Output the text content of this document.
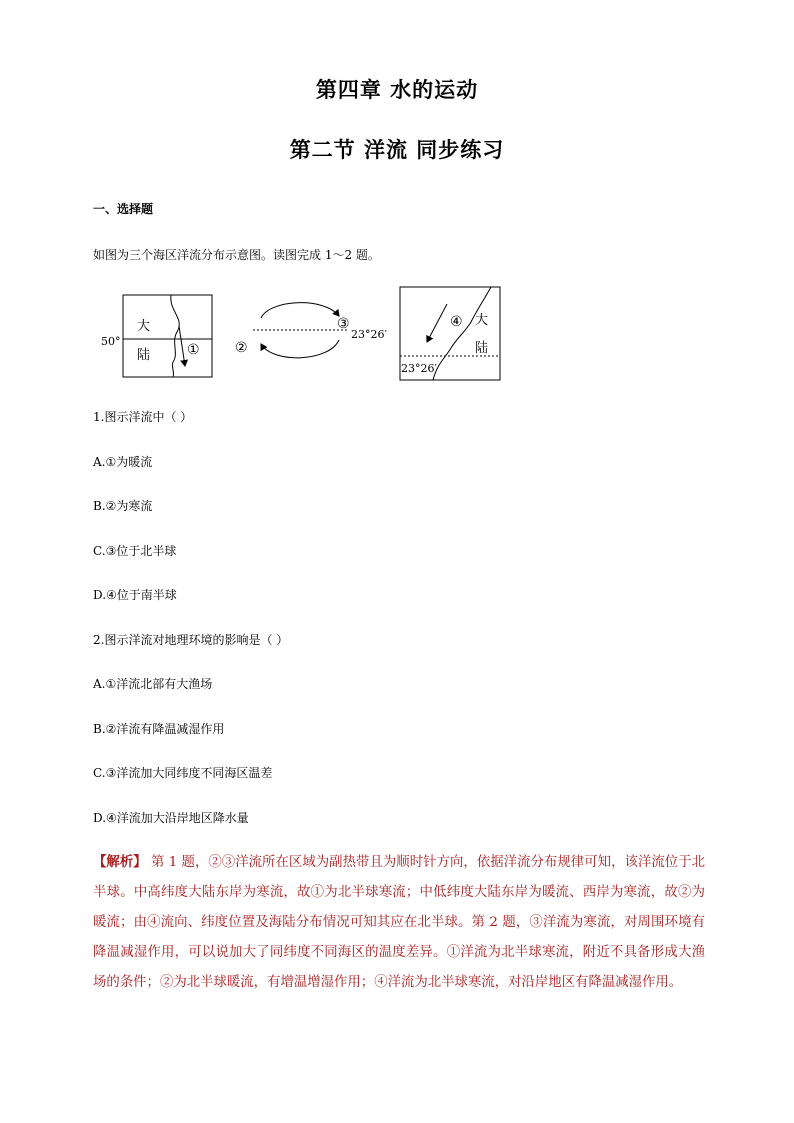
第四章 水的运动
第二节 洋流 同步练习
一、选择题
如图为三个海区洋流分布示意图。读图完成 1～2 题。
50°
大
陆	①	②
③
23°26′
④ 大
陆
23°26′
1.图示洋流中（ ）
A.①为暖流
B.②为寒流
C.③位于北半球
D.④位于南半球
2.图示洋流对地理环境的影响是（ ）
A.①洋流北部有大渔场
B.②洋流有降温减湿作用
C.③洋流加大同纬度不同海区温差
D.④洋流加大沿岸地区降水量
【解析】 第 1 题，②③洋流所在区域为副热带且为顺时针方向，依据洋流分布规律可知，该洋流位于北半球。中高纬度大陆东岸为寒流，故①为北半球寒流；中低纬度大陆东岸为暖流、西岸为寒流，故②为暖流；由④流向、纬度位置及海陆分布情况可知其应在北半球。第 2 题，③洋流为寒流，对周围环境有降温减湿作用，可以说加大了同纬度不同海区的温度差异。①洋流为北半球寒流，附近不具备形成大渔场的条件；②为北半球暖流，有增温增湿作用；④洋流为北半球寒流，对沿岸地区有降温减湿作用。
